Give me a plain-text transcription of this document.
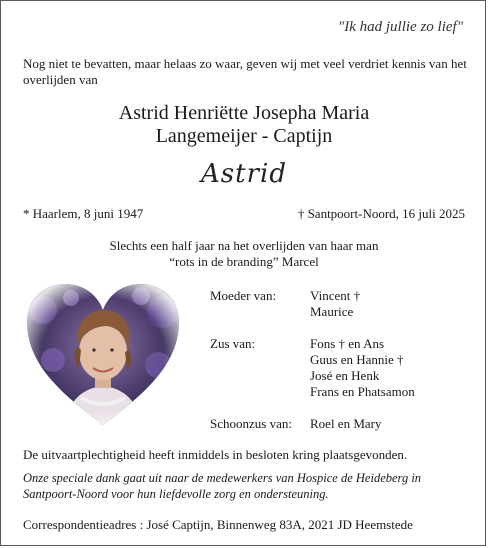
"Ik had jullie zo lief"
Nog niet te bevatten, maar helaas zo waar, geven wij met veel verdriet kennis van het overlijden van
Astrid Henriëtte Josepha Maria
Langemeijer - Captijn
Astrid
* Haarlem, 8 juni 1947	† Santpoort-Noord, 16 juli 2025
Slechts een half jaar na het overlijden van haar man
“rots in de branding” Marcel
Moeder van:	Vincent †
Maurice
Zus van:	Fons † en Ans
Guus en Hannie †
José en Henk
Frans en Phatsamon
Schoonzus van:	Roel en Mary
De uitvaartplechtigheid heeft inmiddels in besloten kring plaatsgevonden.
Onze speciale dank gaat uit naar de medewerkers van Hospice de Heideberg in Santpoort-Noord voor hun liefdevolle zorg en ondersteuning.
Correspondentieadres : José Captijn, Binnenweg 83A, 2021 JD Heemstede
